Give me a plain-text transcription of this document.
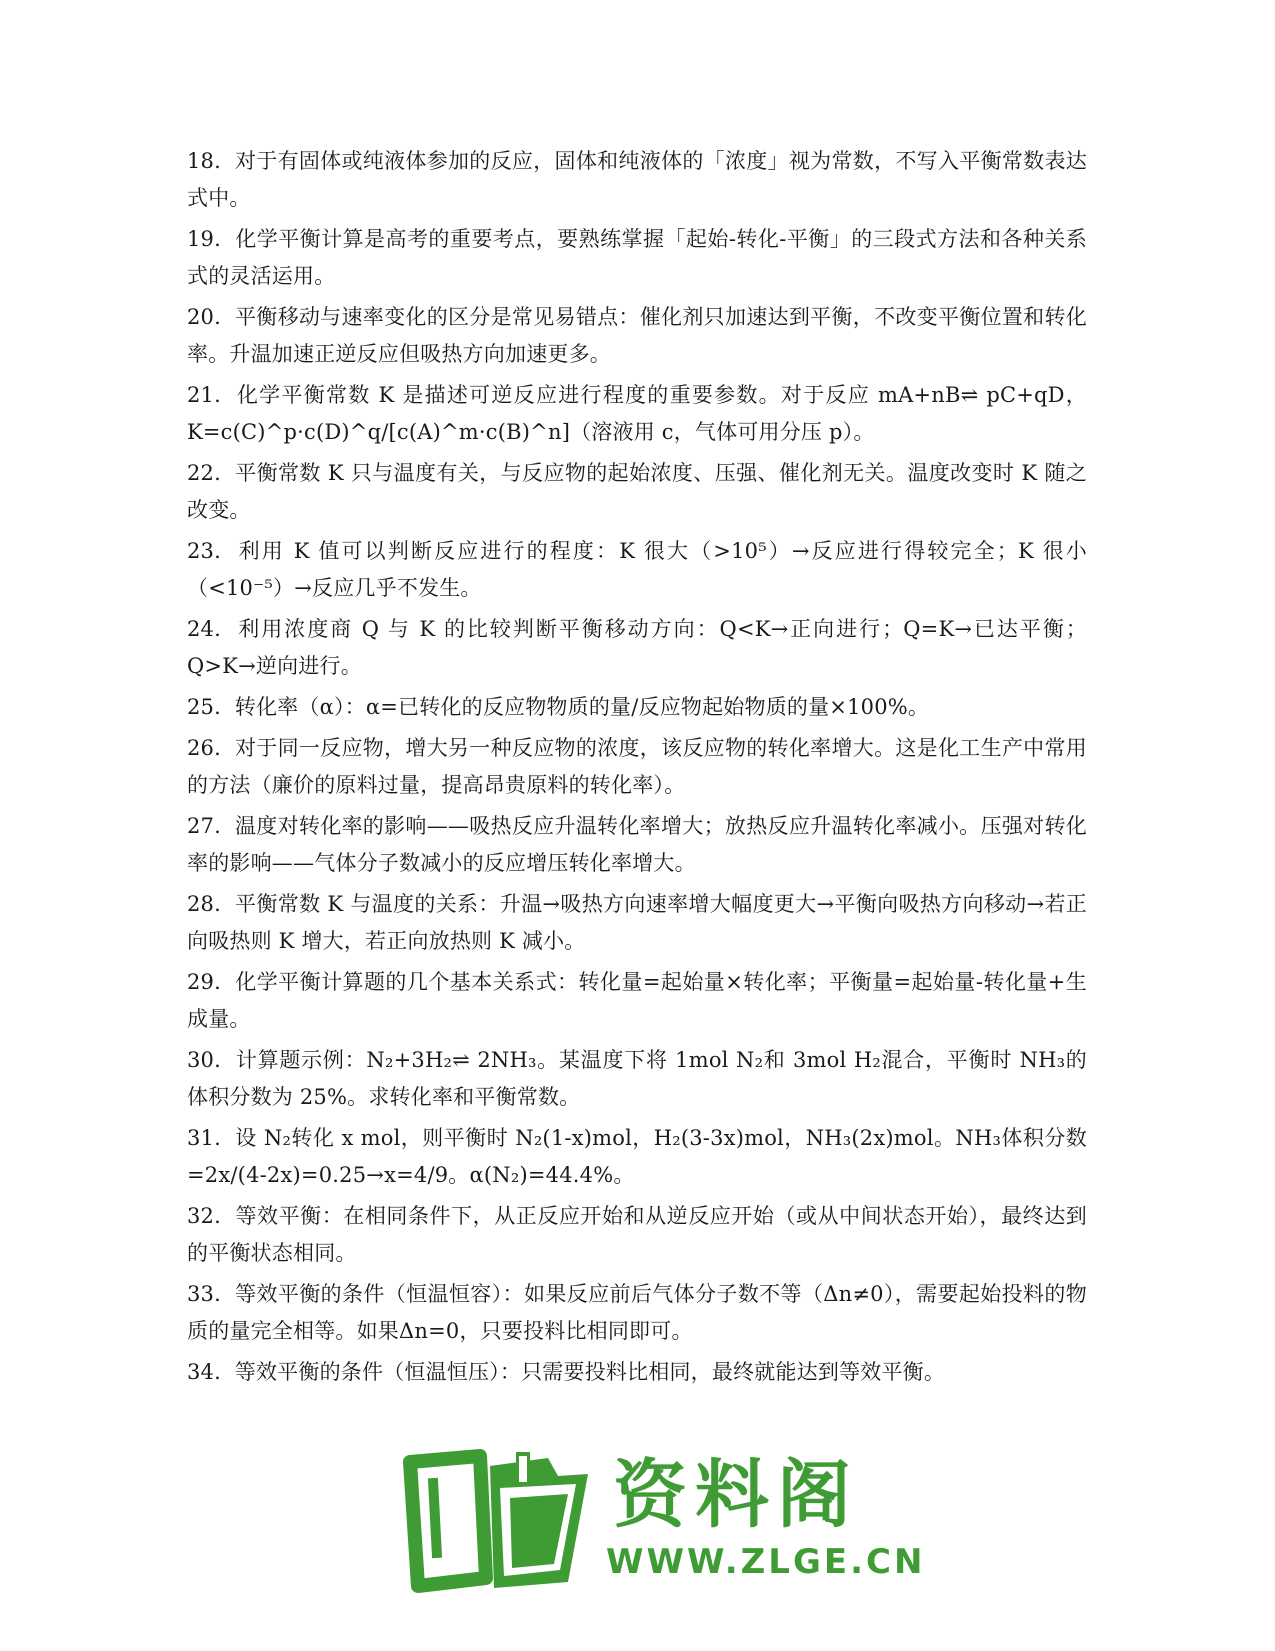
18. 对于有固体或纯液体参加的反应，固体和纯液体的「浓度」视为常数，不写入平衡常数表达式中。

19. 化学平衡计算是高考的重要考点，要熟练掌握「起始-转化-平衡」的三段式方法和各种关系式的灵活运用。

20. 平衡移动与速率变化的区分是常见易错点：催化剂只加速达到平衡，不改变平衡位置和转化率。升温加速正逆反应但吸热方向加速更多。

21. 化学平衡常数 K 是描述可逆反应进行程度的重要参数。对于反应 mA+nB⇌ pC+qD，K=c(C)^p·c(D)^q/[c(A)^m·c(B)^n]（溶液用 c，气体可用分压 p）。

22. 平衡常数 K 只与温度有关，与反应物的起始浓度、压强、催化剂无关。温度改变时 K 随之改变。

23. 利用 K 值可以判断反应进行的程度：K 很大（>10⁵）→反应进行得较完全；K 很小（<10⁻⁵）→反应几乎不发生。

24. 利用浓度商 Q 与 K 的比较判断平衡移动方向：Q<K→正向进行；Q=K→已达平衡；Q>K→逆向进行。

25. 转化率（α）：α=已转化的反应物物质的量/反应物起始物质的量×100%。

26. 对于同一反应物，增大另一种反应物的浓度，该反应物的转化率增大。这是化工生产中常用的方法（廉价的原料过量，提高昂贵原料的转化率）。

27. 温度对转化率的影响——吸热反应升温转化率增大；放热反应升温转化率减小。压强对转化率的影响——气体分子数减小的反应增压转化率增大。

28. 平衡常数 K 与温度的关系：升温→吸热方向速率增大幅度更大→平衡向吸热方向移动→若正向吸热则 K 增大，若正向放热则 K 减小。

29. 化学平衡计算题的几个基本关系式：转化量=起始量×转化率；平衡量=起始量-转化量+生成量。

30. 计算题示例：N₂+3H₂⇌ 2NH₃。某温度下将 1mol N₂和 3mol H₂混合，平衡时 NH₃的体积分数为 25%。求转化率和平衡常数。

31. 设 N₂转化 x mol，则平衡时 N₂(1-x)mol，H₂(3-3x)mol，NH₃(2x)mol。NH₃体积分数=2x/(4-2x)=0.25→x=4/9。α(N₂)=44.4%。

32. 等效平衡：在相同条件下，从正反应开始和从逆反应开始（或从中间状态开始），最终达到的平衡状态相同。

33. 等效平衡的条件（恒温恒容）：如果反应前后气体分子数不等（Δn≠0），需要起始投料的物质的量完全相等。如果Δn=0，只要投料比相同即可。

34. 等效平衡的条件（恒温恒压）：只需要投料比相同，最终就能达到等效平衡。

资料阁
WWW.ZLGE.CN
